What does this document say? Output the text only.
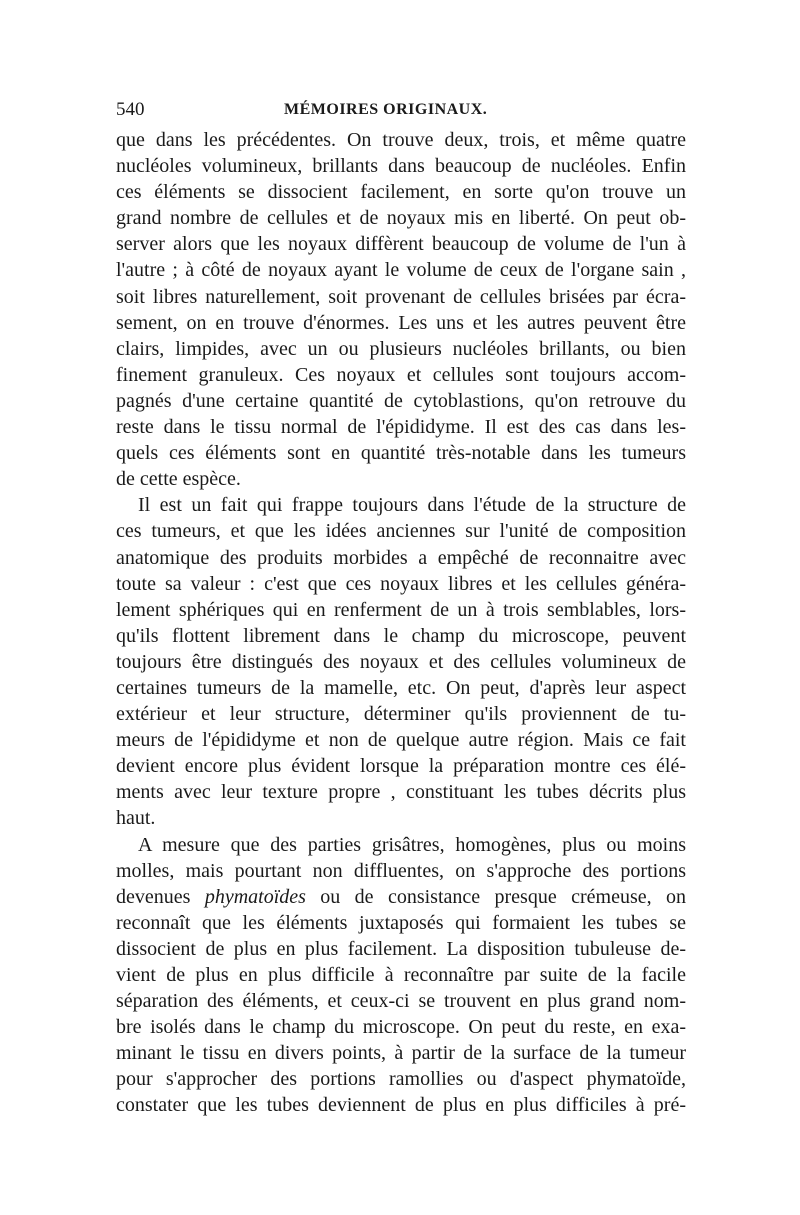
540	MÉMOIRES ORIGINAUX.
que dans les précédentes. On trouve deux, trois, et même quatre
nucléoles volumineux, brillants dans beaucoup de nucléoles. Enfin
ces éléments se dissocient facilement, en sorte qu'on trouve un
grand nombre de cellules et de noyaux mis en liberté. On peut ob-
server alors que les noyaux diffèrent beaucoup de volume de l'un à
l'autre ; à côté de noyaux ayant le volume de ceux de l'organe sain ,
soit libres naturellement, soit provenant de cellules brisées par écra-
sement, on en trouve d'énormes. Les uns et les autres peuvent être
clairs, limpides, avec un ou plusieurs nucléoles brillants, ou bien
finement granuleux. Ces noyaux et cellules sont toujours accom-
pagnés d'une certaine quantité de cytoblastions, qu'on retrouve du
reste dans le tissu normal de l'épididyme. Il est des cas dans les-
quels ces éléments sont en quantité très-notable dans les tumeurs
de cette espèce.
Il est un fait qui frappe toujours dans l'étude de la structure de
ces tumeurs, et que les idées anciennes sur l'unité de composition
anatomique des produits morbides a empêché de reconnaitre avec
toute sa valeur : c'est que ces noyaux libres et les cellules généra-
lement sphériques qui en renferment de un à trois semblables, lors-
qu'ils flottent librement dans le champ du microscope, peuvent
toujours être distingués des noyaux et des cellules volumineux de
certaines tumeurs de la mamelle, etc. On peut, d'après leur aspect
extérieur et leur structure, déterminer qu'ils proviennent de tu-
meurs de l'épididyme et non de quelque autre région. Mais ce fait
devient encore plus évident lorsque la préparation montre ces élé-
ments avec leur texture propre , constituant les tubes décrits plus
haut.
A mesure que des parties grisâtres, homogènes, plus ou moins
molles, mais pourtant non diffluentes, on s'approche des portions
devenues phymatoïdes ou de consistance presque crémeuse, on
reconnaît que les éléments juxtaposés qui formaient les tubes se
dissocient de plus en plus facilement. La disposition tubuleuse de-
vient de plus en plus difficile à reconnaître par suite de la facile
séparation des éléments, et ceux-ci se trouvent en plus grand nom-
bre isolés dans le champ du microscope. On peut du reste, en exa-
minant le tissu en divers points, à partir de la surface de la tumeur
pour s'approcher des portions ramollies ou d'aspect phymatoïde,
constater que les tubes deviennent de plus en plus difficiles à pré-
